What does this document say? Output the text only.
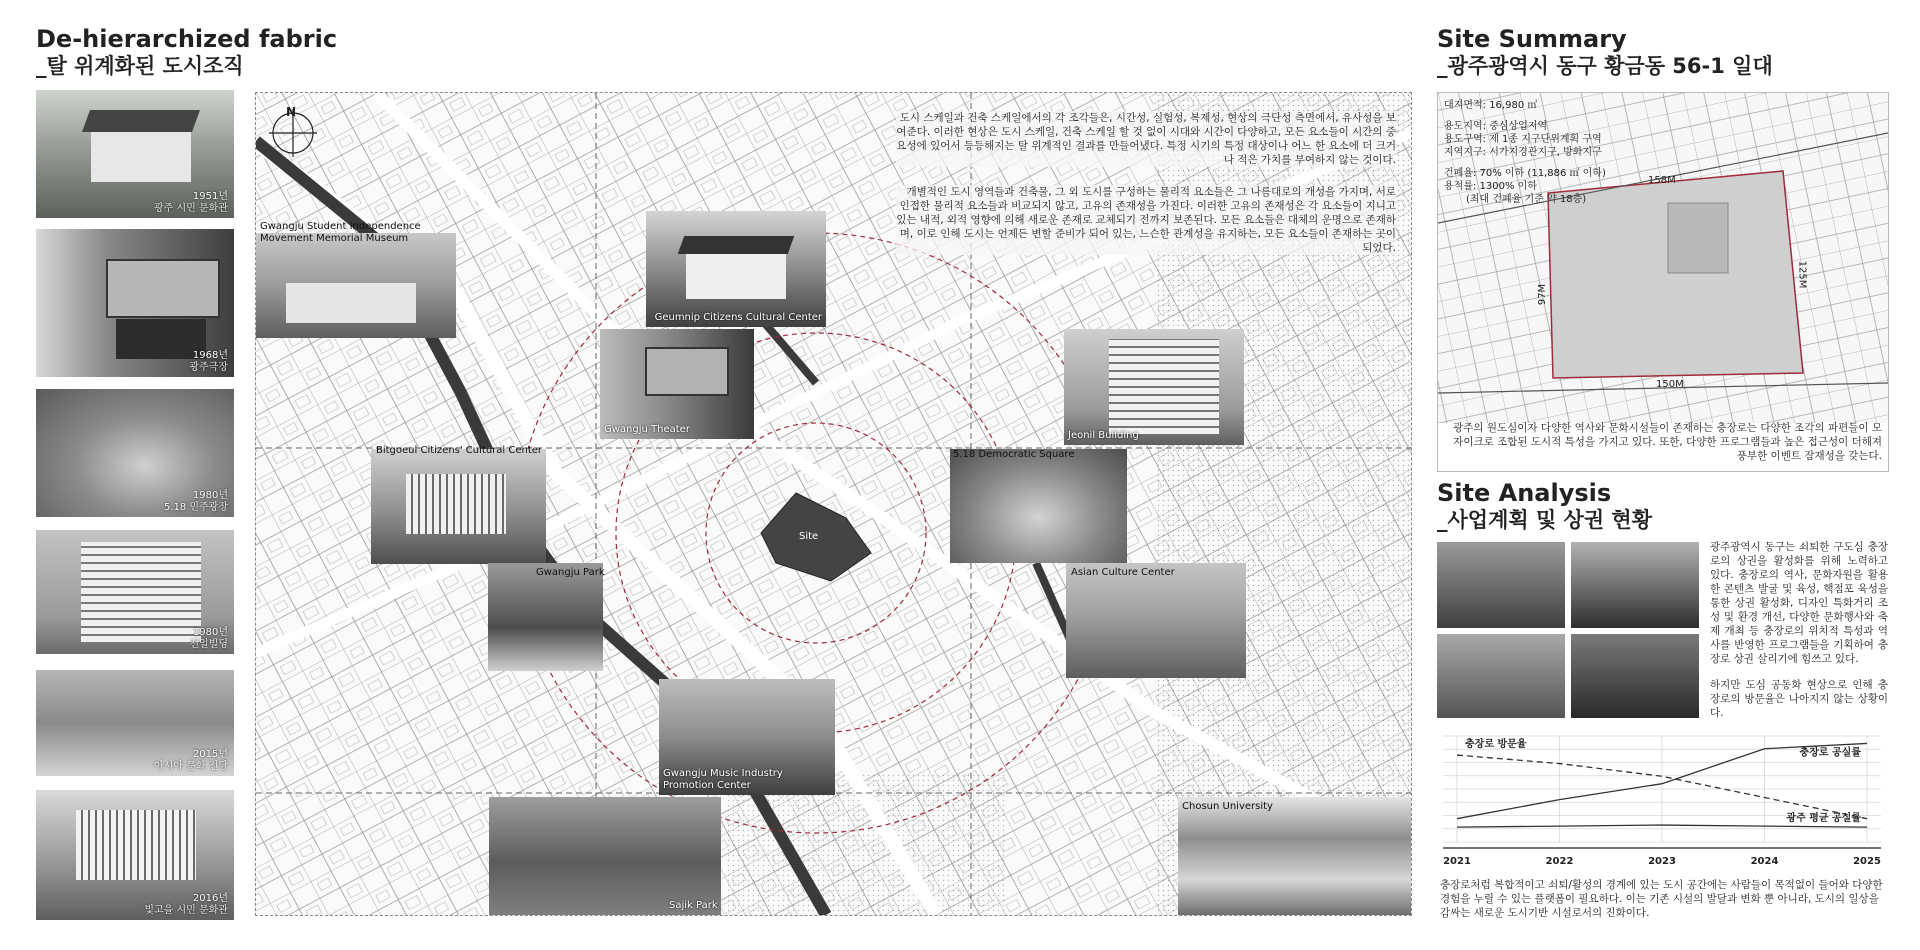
De-hierarchized fabric
_탈 위계화된 도시조직
1951년
광주 시민 문화관
1968년
광주극장
1980년
5.18 민주광장
1980년
전일빌딩
2015년
아시아 문화 전당
2016년
빛고을 시민 문화관
N
Site
Gwangju Student Independence Movement Memorial Museum
Geumnip Citizens Cultural Center
Gwangju Theater
Jeonil Building
Bitgoeul Citizens' Cultural Center	5.18 Democratic Square
Gwangju Park	Asian Culture Center
Gwangju Music Industry Promotion Center
Chosun University
Sajik Park
도시 스케일과 건축 스케일에서의 각 조각들은, 시간성, 실험성, 복제성, 현상의 극단성 측면에서, 유사성을 보여준다. 이러한 현상은 도시 스케일, 건축 스케일 할 것 없이 시대와 시간이 다양하고, 모든 요소들이 시간의 중요성에 있어서 등등해지는 탈 위계적인 결과를 만들어냈다. 특정 시기의 특정 대상이나 어느 한 요소에 더 크거나 적은 가치를 부여하지 않는 것이다.
개별적인 도시 영역들과 건축물, 그 외 도시를 구성하는 물리적 요소들은 그 나름대로의 개성을 가지며, 서로 인접한 물리적 요소들과 비교되지 않고, 고유의 존재성을 가진다. 이러한 고유의 존재성은 각 요소들이 지니고 있는 내적, 외적 영향에 의해 새로운 존재로 교체되기 전까지 보존된다. 모든 요소들은 대체의 운명으로 존재하며, 이로 인해 도시는 언제든 변할 준비가 되어 있는, 느슨한 관계성을 유지하는, 모든 요소들이 존재하는 곳이 되었다.
Site Summary
_광주광역시 동구 황금동 56-1 일대
대지면적: 16,980 ㎡
용도지역: 중심상업지역
용도구역: 제 1종 지구단위계획 구역
지역지구: 시가지경관지구, 방화지구
건폐율: 70% 이하 (11,886 ㎡ 이하)
용적률: 1300% 이하
(최대 건폐율 기준 약 18층)
158M
97M
125M
150M
광주의 원도심이자 다양한 역사와 문화시설들이 존재하는 충장로는 다양한 조각의 파편들이 모자이크로 조합된 도시적 특성을 가지고 있다. 또한, 다양한 프로그램들과 높은 접근성이 더해져 풍부한 이벤트 잠재성을 갖는다.
Site Analysis
_사업계획 및 상권 현황
광주광역시 동구는 쇠퇴한 구도심 충장로의 상권을 활성화를 위해 노력하고 있다. 충장로의 역사, 문화자원을 활용한 콘텐츠 발굴 및 육성, 핵점포 육성을 통한 상권 활성화, 디자인 특화거리 조성 및 환경 개선, 다양한 문화행사와 축제 개최 등 충장로의 위치적 특성과 역사를 반영한 프로그램들을 기획하여 충장로 상권 살리기에 힘쓰고 있다.
하지만 도심 공동화 현상으로 인해 충장로의 방문율은 나아지지 않는 상황이다.
2021	2022	2023	2024	2025
충장로 방문율
충장로 공실률
광주 평균 공실률
충장로처럼 복합적이고 쇠퇴/활성의 경계에 있는 도시 공간에는 사람들이 목적없이 들어와 다양한 경험을 누릴 수 있는 플랫폼이 필요하다. 이는 기존 시설의 발달과 변화 뿐 아니라, 도시의 일상을 감싸는 새로운 도시기반 시설로서의 진화이다.
